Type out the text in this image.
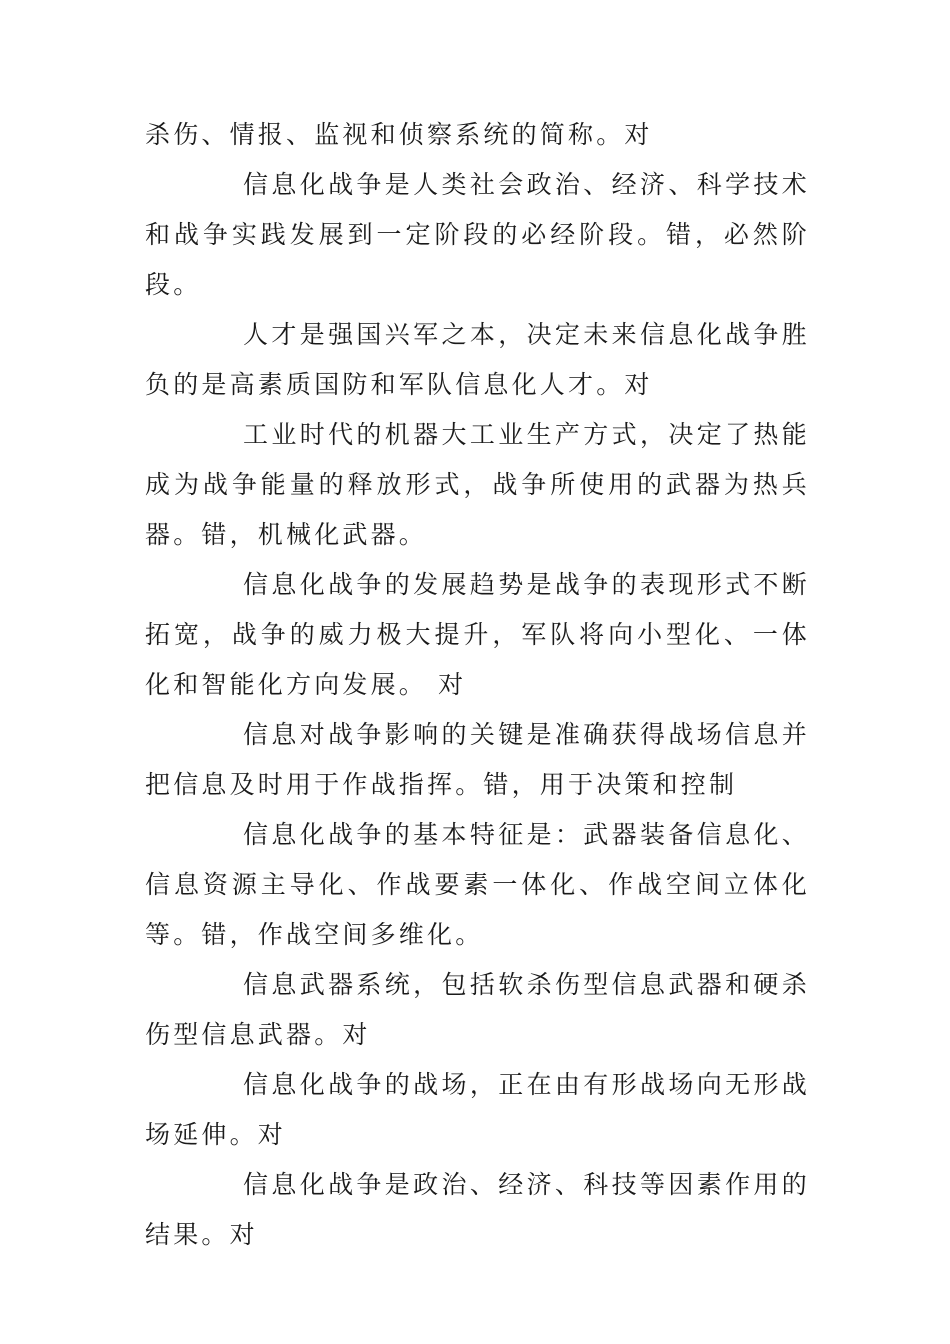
杀伤、情报、监视和侦察系统的简称。对

信息化战争是人类社会政治、经济、科学技术和战争实践发展到一定阶段的必经阶段。错，必然阶段。

人才是强国兴军之本，决定未来信息化战争胜负的是高素质国防和军队信息化人才。对

工业时代的机器大工业生产方式，决定了热能成为战争能量的释放形式，战争所使用的武器为热兵器。错，机械化武器。

信息化战争的发展趋势是战争的表现形式不断拓宽，战争的威力极大提升，军队将向小型化、一体化和智能化方向发展。 对

信息对战争影响的关键是准确获得战场信息并把信息及时用于作战指挥。错，用于决策和控制

信息化战争的基本特征是：武器装备信息化、信息资源主导化、作战要素一体化、作战空间立体化等。错，作战空间多维化。

信息武器系统，包括软杀伤型信息武器和硬杀伤型信息武器。对

信息化战争的战场，正在由有形战场向无形战场延伸。对

信息化战争是政治、经济、科技等因素作用的结果。对
